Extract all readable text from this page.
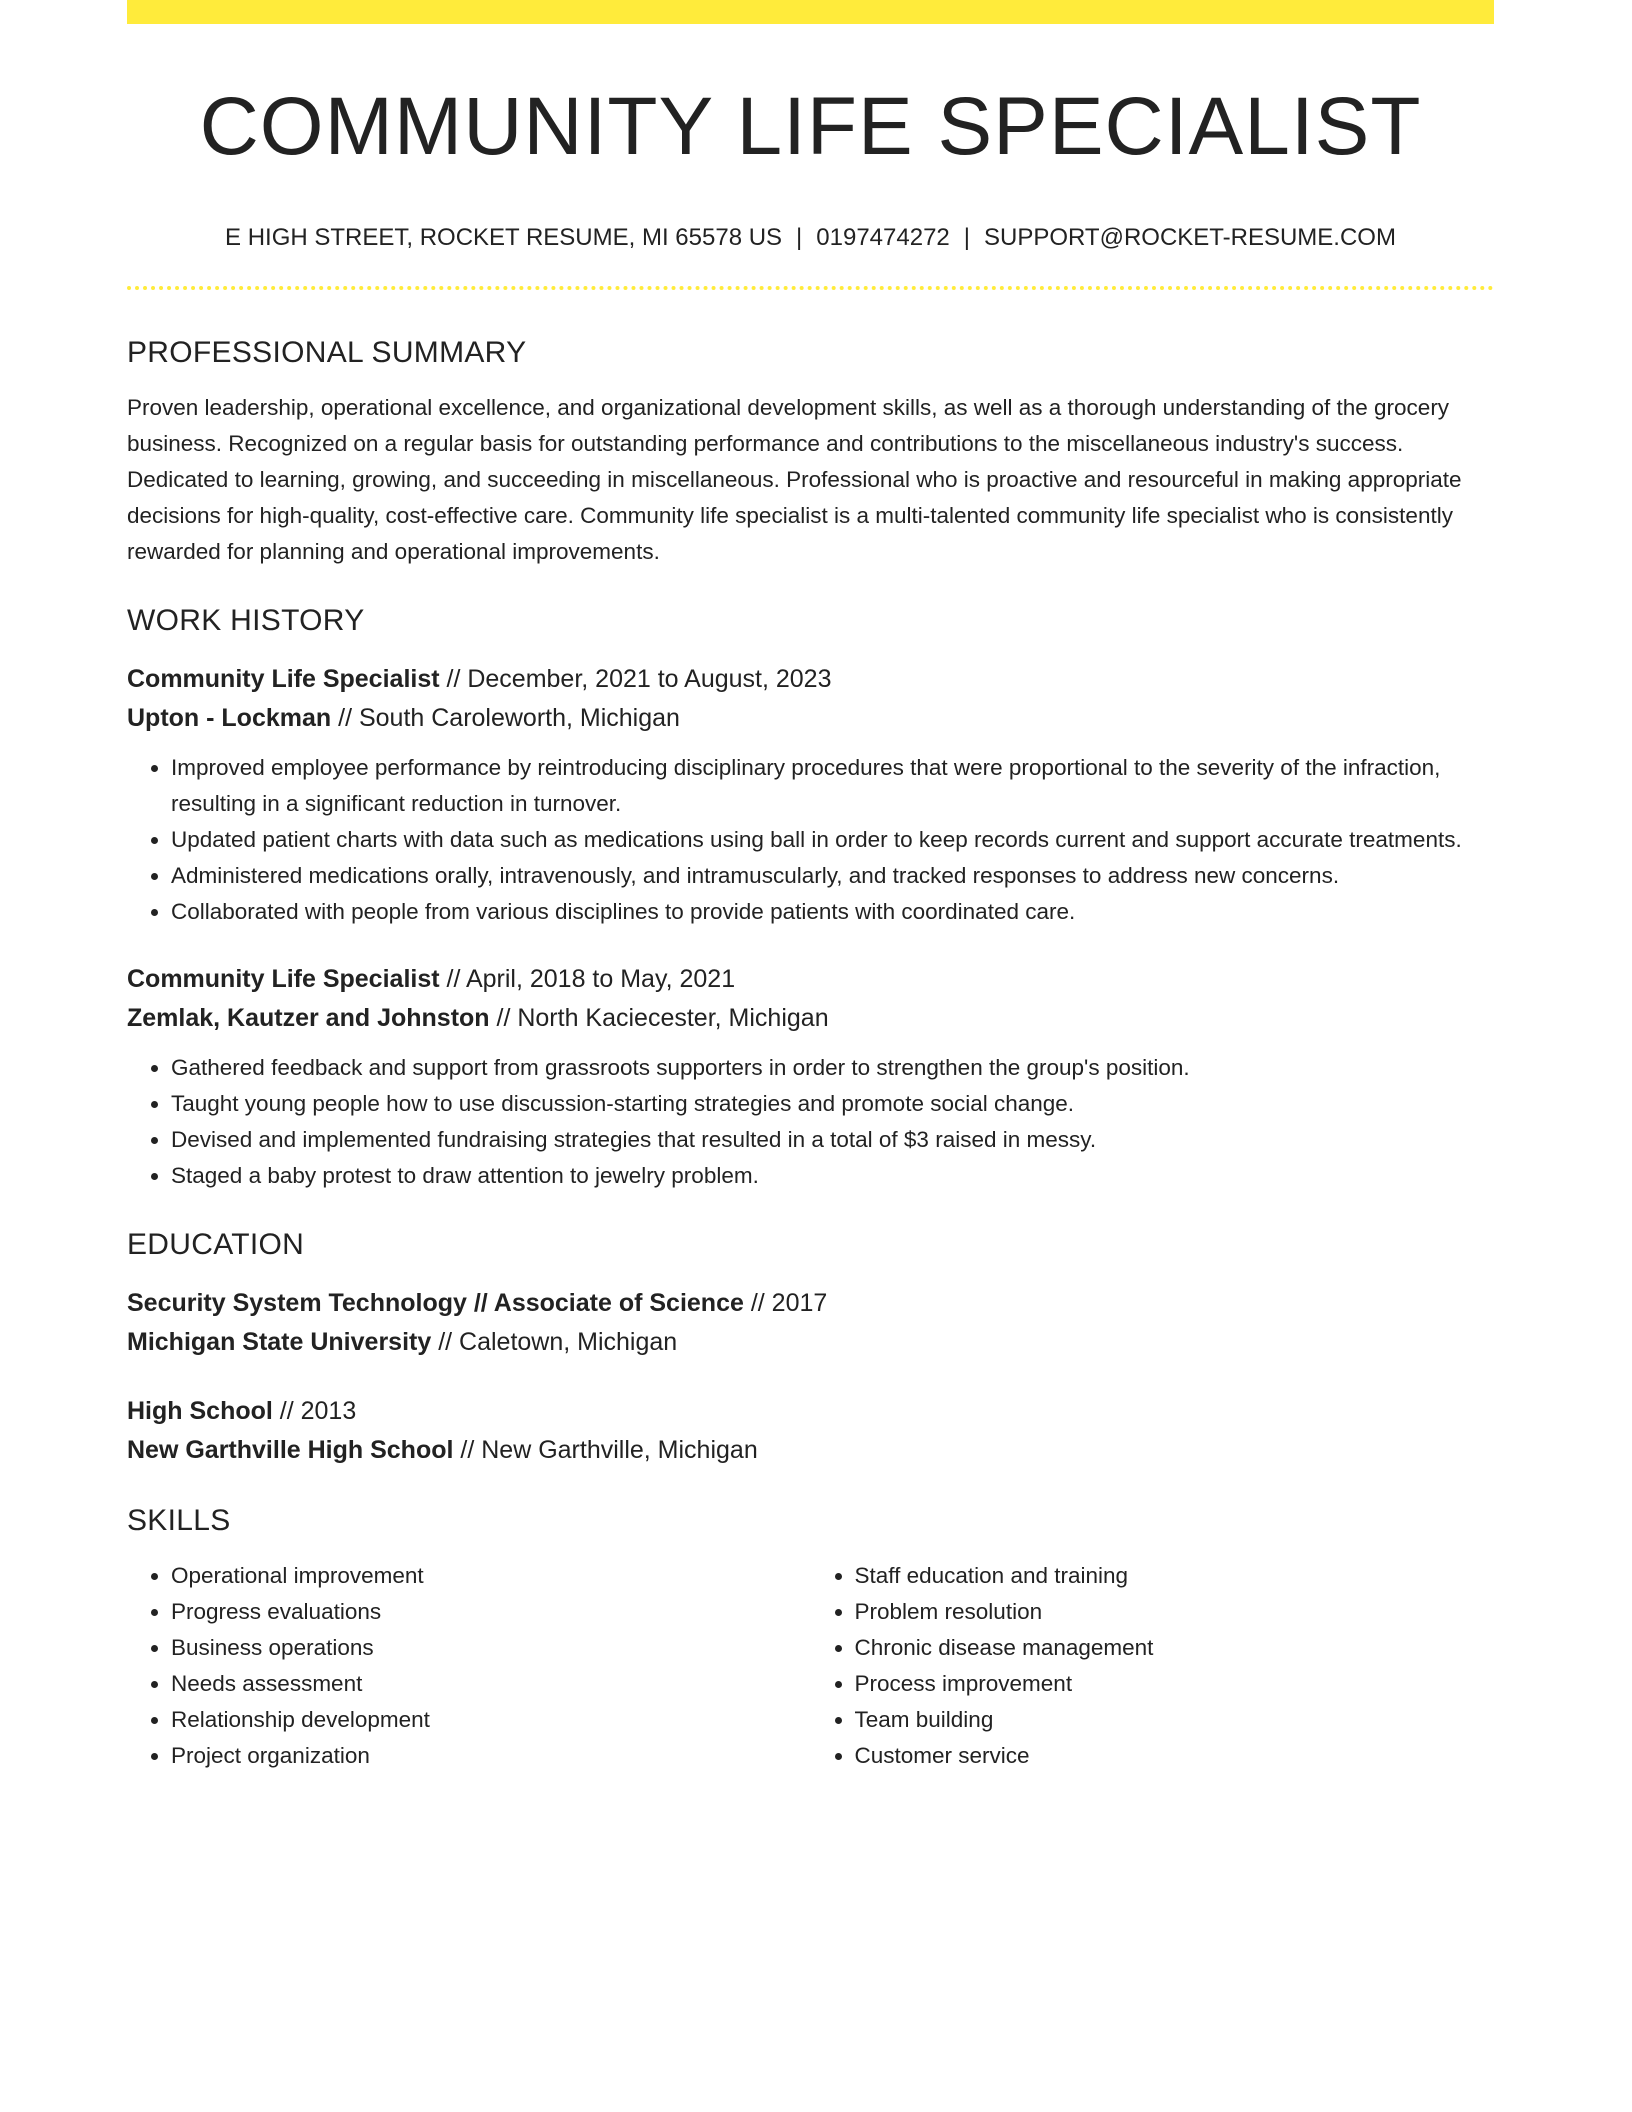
COMMUNITY LIFE SPECIALIST
E HIGH STREET, ROCKET RESUME, MI 65578 US | 0197474272 | SUPPORT@ROCKET-RESUME.COM
PROFESSIONAL SUMMARY
Proven leadership, operational excellence, and organizational development skills, as well as a thorough understanding of the grocery business. Recognized on a regular basis for outstanding performance and contributions to the miscellaneous industry's success. Dedicated to learning, growing, and succeeding in miscellaneous. Professional who is proactive and resourceful in making appropriate decisions for high-quality, cost-effective care. Community life specialist is a multi-talented community life specialist who is consistently rewarded for planning and operational improvements.
WORK HISTORY
Community Life Specialist // December, 2021 to August, 2023
Upton - Lockman // South Caroleworth, Michigan
• Improved employee performance by reintroducing disciplinary procedures that were proportional to the severity of the infraction, resulting in a significant reduction in turnover.
• Updated patient charts with data such as medications using ball in order to keep records current and support accurate treatments.
• Administered medications orally, intravenously, and intramuscularly, and tracked responses to address new concerns.
• Collaborated with people from various disciplines to provide patients with coordinated care.
Community Life Specialist // April, 2018 to May, 2021
Zemlak, Kautzer and Johnston // North Kaciecester, Michigan
• Gathered feedback and support from grassroots supporters in order to strengthen the group's position.
• Taught young people how to use discussion-starting strategies and promote social change.
• Devised and implemented fundraising strategies that resulted in a total of $3 raised in messy.
• Staged a baby protest to draw attention to jewelry problem.
EDUCATION
Security System Technology // Associate of Science // 2017
Michigan State University // Caletown, Michigan
High School // 2013
New Garthville High School // New Garthville, Michigan
SKILLS
• Operational improvement
• Progress evaluations
• Business operations
• Needs assessment
• Relationship development
• Project organization
• Staff education and training
• Problem resolution
• Chronic disease management
• Process improvement
• Team building
• Customer service
